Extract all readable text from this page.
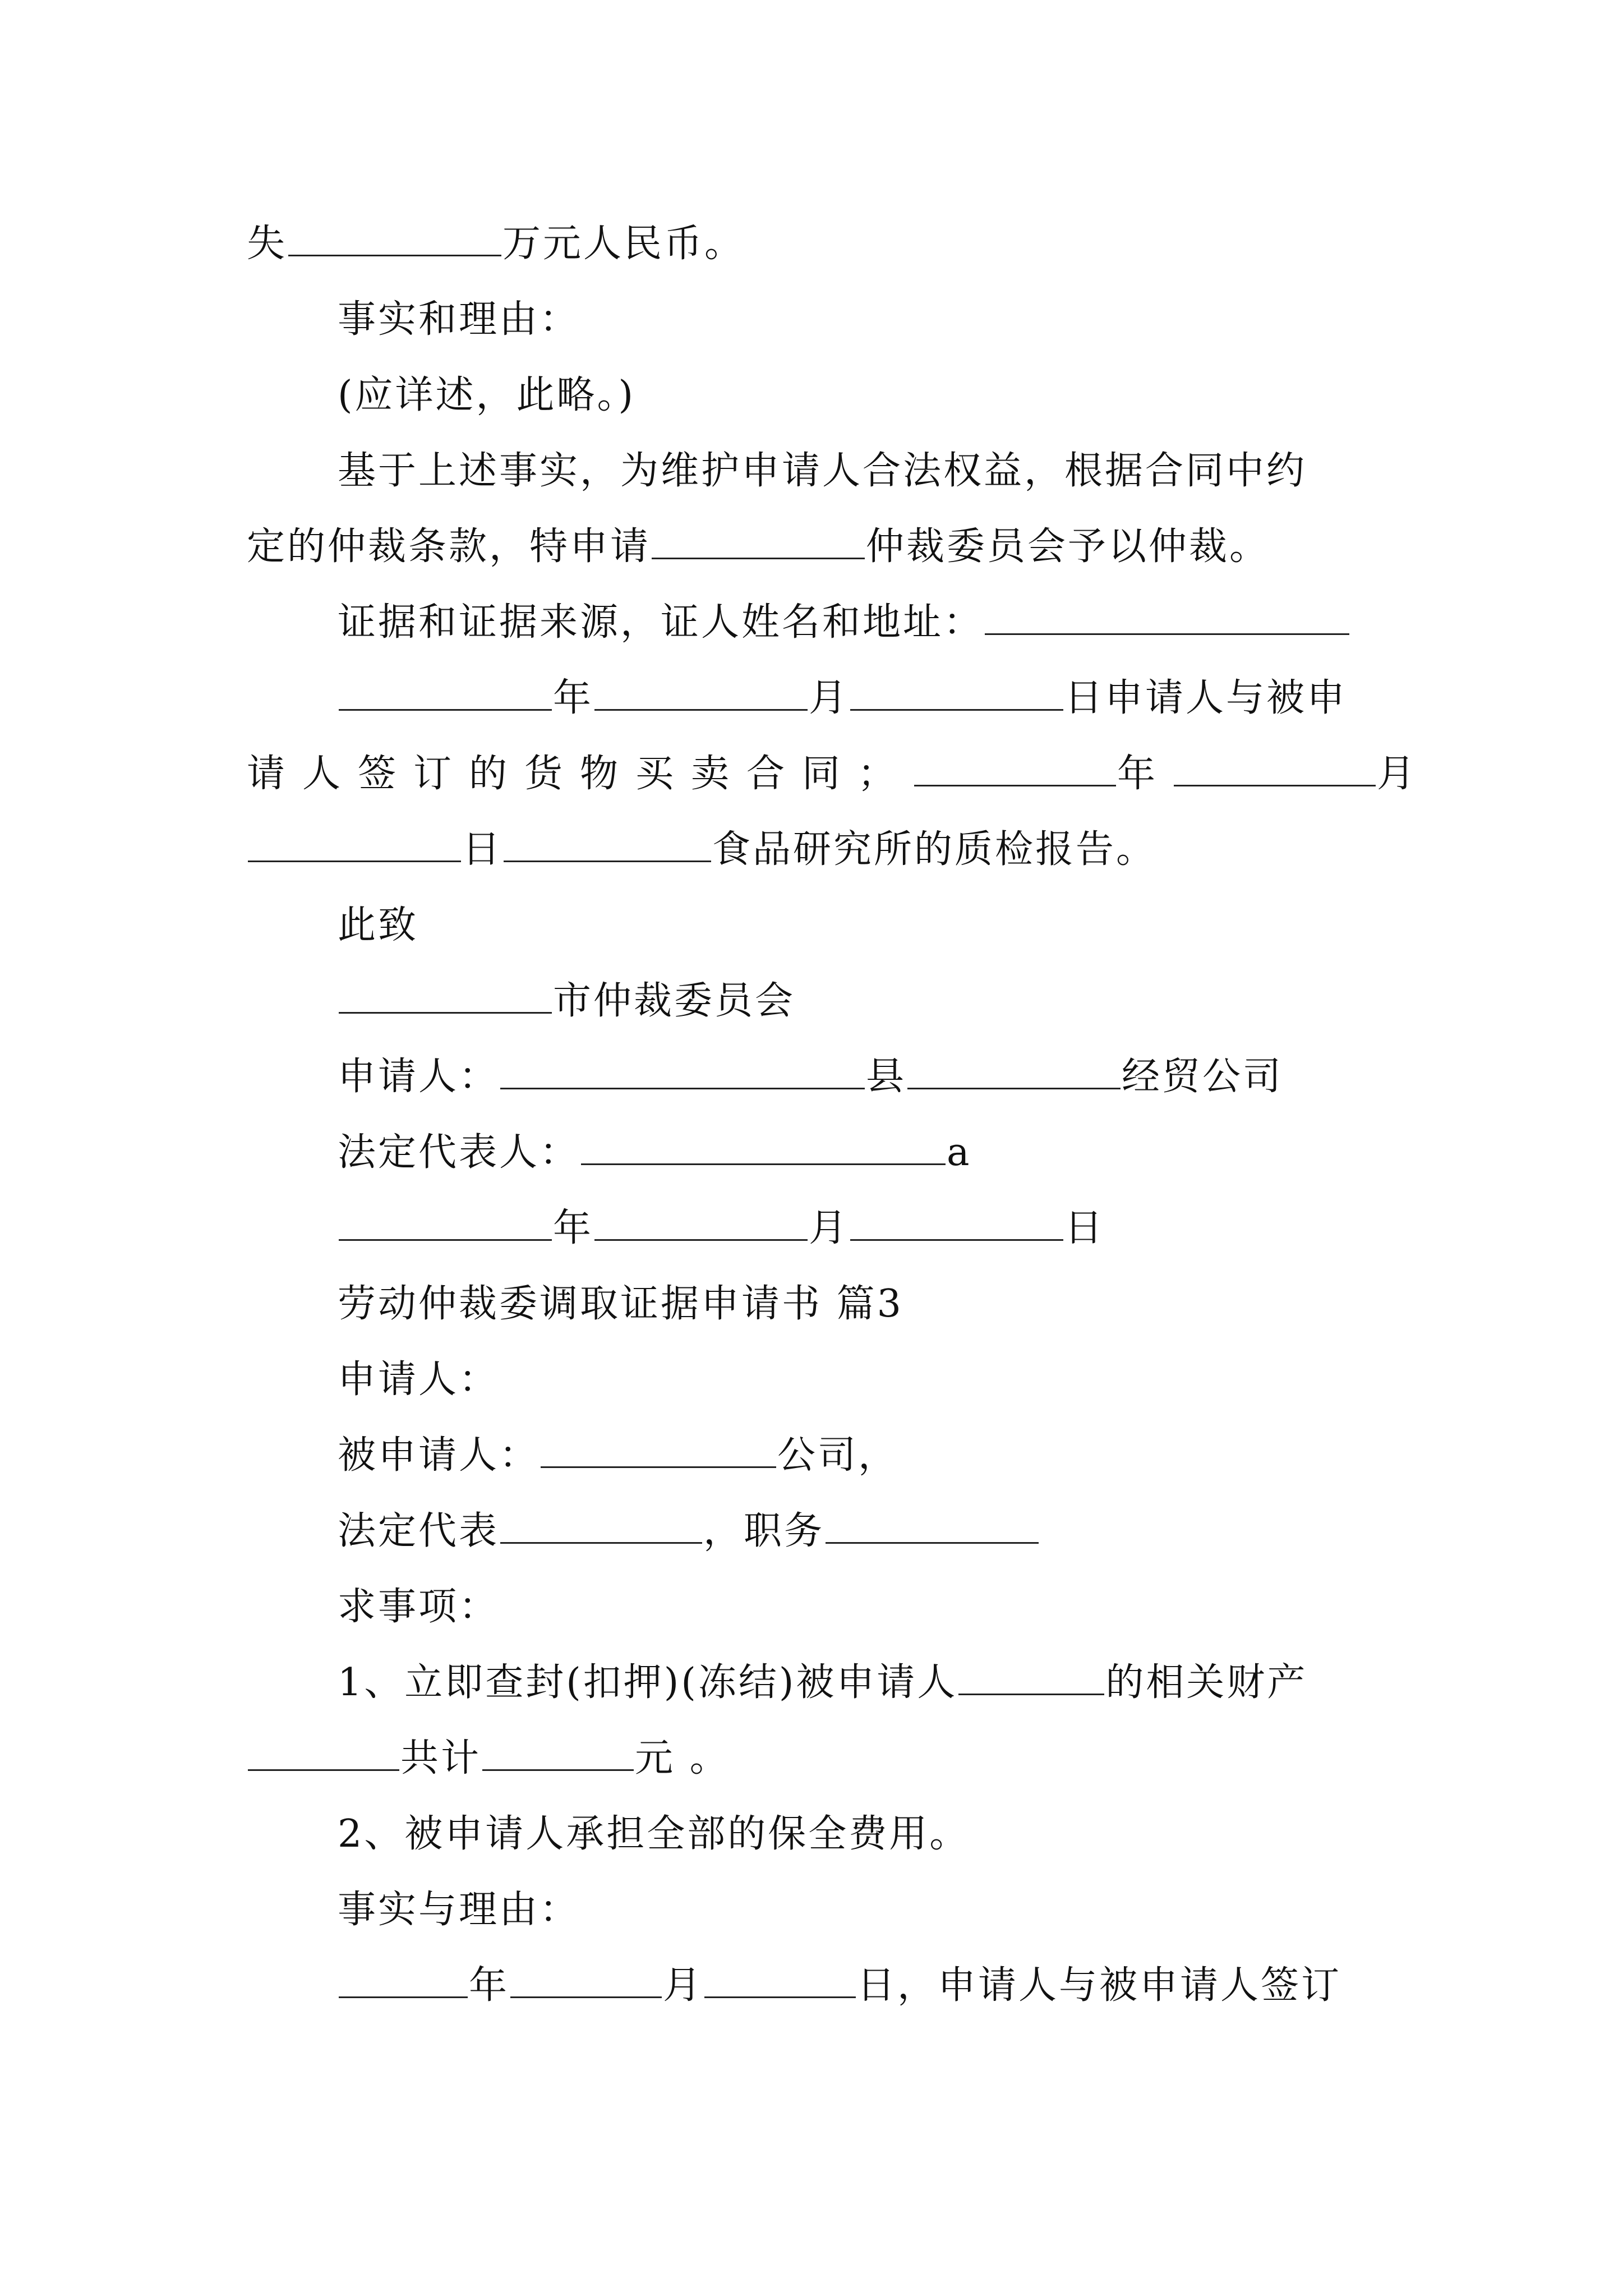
失	万元人民币。
事实和理由：
(应详述，此略。)
基于上述事实，为维护申请人合法权益，根据合同中约
定的仲裁条款，特申请	仲裁委员会予以仲裁。
证据和证据来源，证人姓名和地址：
年	月	日申请人与被申
请人签订的货物买卖合同；	年	月
日	食品研究所的质检报告。
此致
市仲裁委员会
申请人：	县	经贸公司
法定代表人：	a
年	月	日
劳动仲裁委调取证据申请书 篇3
申请人：
被申请人：	公司，
法定代表	，职务
求事项：
1、立即查封(扣押)(冻结)被申请人	的相关财产
共计	元 。
2、被申请人承担全部的保全费用。
事实与理由：
年	月	日，申请人与被申请人签订
